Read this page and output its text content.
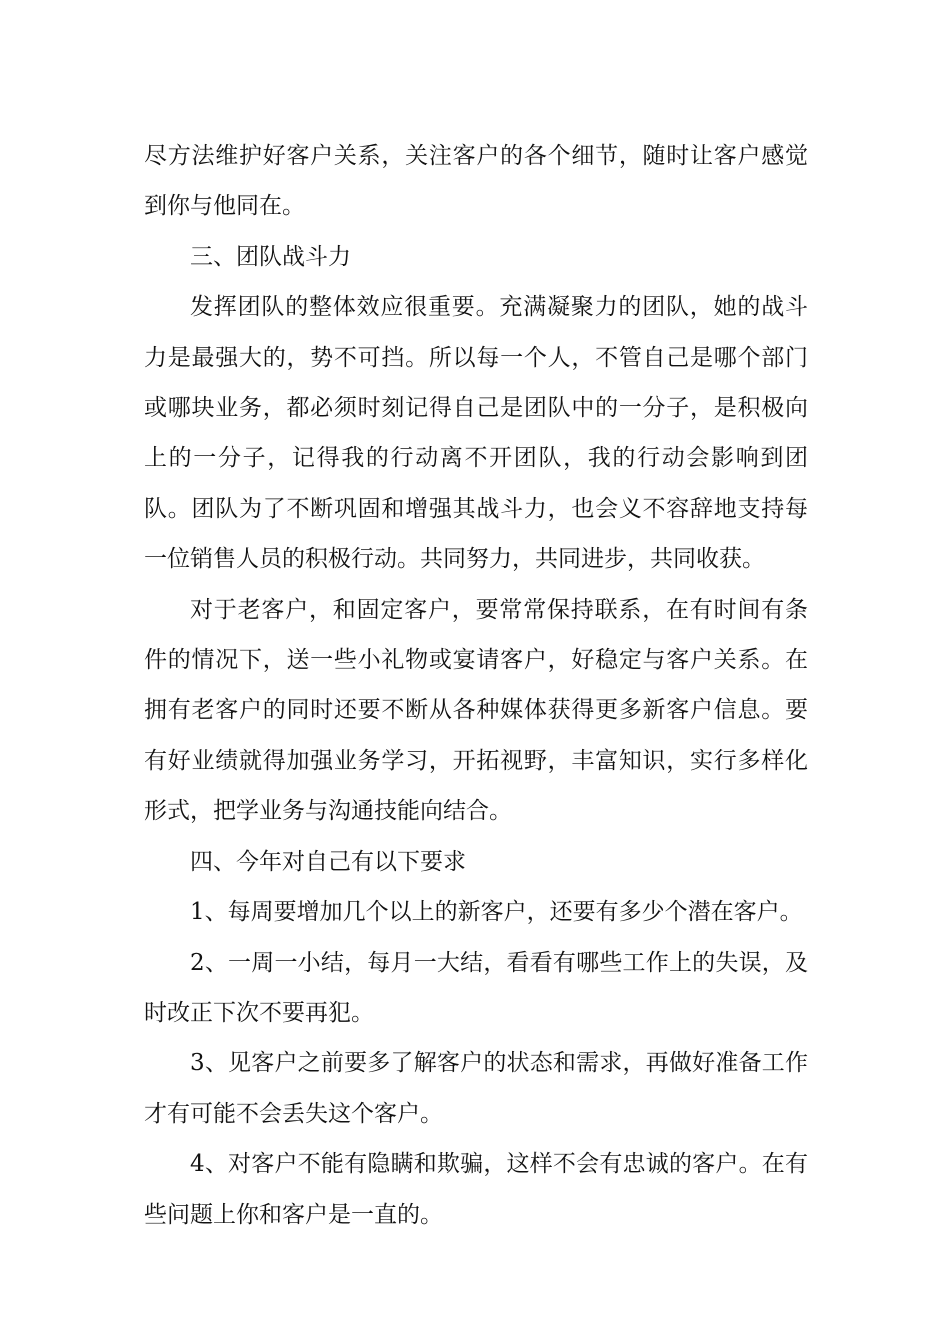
尽方法维护好客户关系，关注客户的各个细节，随时让客户感觉到你与他同在。

三、团队战斗力

发挥团队的整体效应很重要。充满凝聚力的团队，她的战斗力是最强大的，势不可挡。所以每一个人，不管自己是哪个部门或哪块业务，都必须时刻记得自己是团队中的一分子，是积极向上的一分子，记得我的行动离不开团队，我的行动会影响到团队。团队为了不断巩固和增强其战斗力，也会义不容辞地支持每一位销售人员的积极行动。共同努力，共同进步，共同收获。

对于老客户，和固定客户，要常常保持联系，在有时间有条件的情况下，送一些小礼物或宴请客户，好稳定与客户关系。在拥有老客户的同时还要不断从各种媒体获得更多新客户信息。要有好业绩就得加强业务学习，开拓视野，丰富知识，实行多样化形式，把学业务与沟通技能向结合。

四、今年对自己有以下要求

1、每周要增加几个以上的新客户，还要有多少个潜在客户。

2、一周一小结，每月一大结，看看有哪些工作上的失误，及时改正下次不要再犯。

3、见客户之前要多了解客户的状态和需求，再做好准备工作才有可能不会丢失这个客户。

4、对客户不能有隐瞒和欺骗，这样不会有忠诚的客户。在有些问题上你和客户是一直的。
